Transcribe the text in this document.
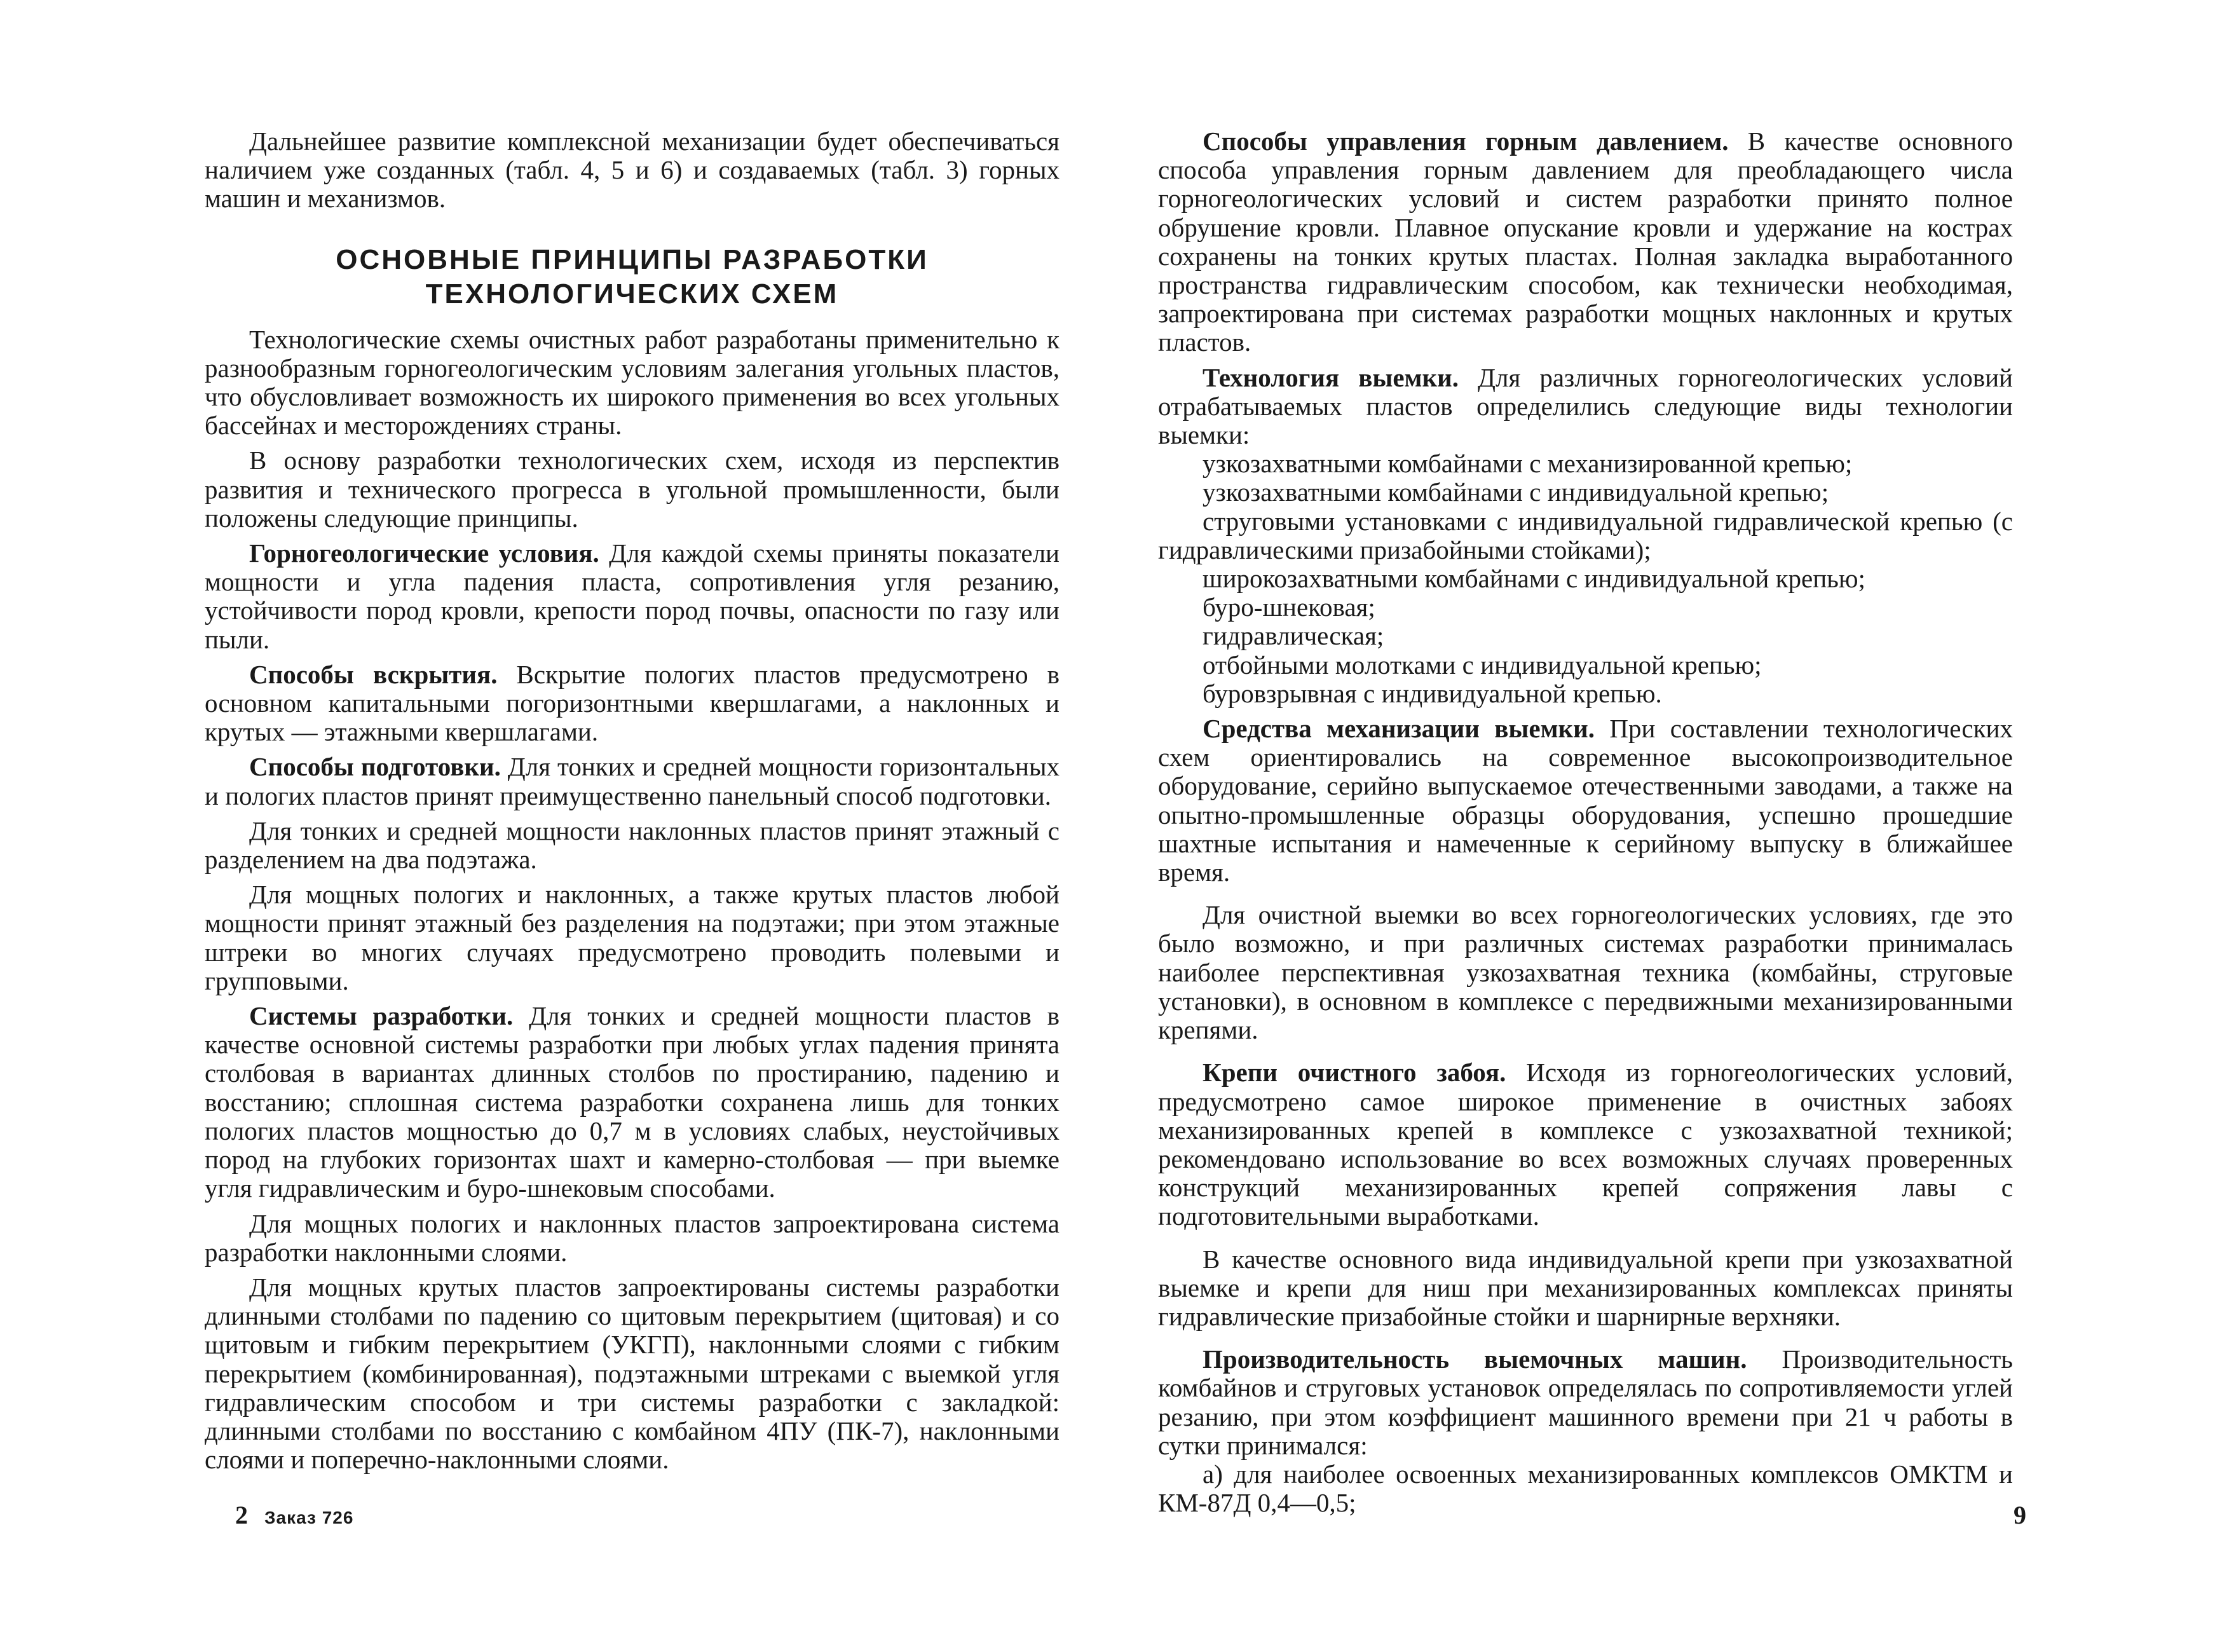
Дальнейшее развитие комплексной механизации будет обеспечиваться наличием уже созданных (табл. 4, 5 и 6) и создаваемых (табл. 3) горных машин и механизмов.

ОСНОВНЫЕ ПРИНЦИПЫ РАЗРАБОТКИ
ТЕХНОЛОГИЧЕСКИХ СХЕМ

Технологические схемы очистных работ разработаны применительно к разнообразным горногеологическим условиям залегания угольных пластов, что обусловливает возможность их широкого применения во всех угольных бассейнах и месторождениях страны.

В основу разработки технологических схем, исходя из перспектив развития и технического прогресса в угольной промышленности, были положены следующие принципы.

Горногеологические условия. Для каждой схемы приняты показатели мощности и угла падения пласта, сопротивления угля резанию, устойчивости пород кровли, крепости пород почвы, опасности по газу или пыли.

Способы вскрытия. Вскрытие пологих пластов предусмотрено в основном капитальными погоризонтными квершлагами, а наклонных и крутых — этажными квершлагами.

Способы подготовки. Для тонких и средней мощности горизонтальных и пологих пластов принят преимущественно панельный способ подготовки.

Для тонких и средней мощности наклонных пластов принят этажный с разделением на два подэтажа.

Для мощных пологих и наклонных, а также крутых пластов любой мощности принят этажный без разделения на подэтажи; при этом этажные штреки во многих случаях предусмотрено проводить полевыми и групповыми.

Системы разработки. Для тонких и средней мощности пластов в качестве основной системы разработки при любых углах падения принята столбовая в вариантах длинных столбов по простиранию, падению и восстанию; сплошная система разработки сохранена лишь для тонких пологих пластов мощностью до 0,7 м в условиях слабых, неустойчивых пород на глубоких горизонтах шахт и камерно-столбовая — при выемке угля гидравлическим и буро-шнековым способами.

Для мощных пологих и наклонных пластов запроектирована система разработки наклонными слоями.

Для мощных крутых пластов запроектированы системы разработки длинными столбами по падению со щитовым перекрытием (щитовая) и со щитовым и гибким перекрытием (УКГП), наклонными слоями с гибким перекрытием (комбинированная), подэтажными штреками с выемкой угля гидравлическим способом и три системы разработки с закладкой: длинными столбами по восстанию с комбайном 4ПУ (ПК-7), наклонными слоями и поперечно-наклонными слоями.

Способы управления горным давлением. В качестве основного способа управления горным давлением для преобладающего числа горногеологических условий и систем разработки принято полное обрушение кровли. Плавное опускание кровли и удержание на кострах сохранены на тонких крутых пластах. Полная закладка выработанного пространства гидравлическим способом, как технически необходимая, запроектирована при системах разработки мощных наклонных и крутых пластов.

Технология выемки. Для различных горногеологических условий отрабатываемых пластов определились следующие виды технологии выемки:

узкозахватными комбайнами с механизированной крепью;
узкозахватными комбайнами с индивидуальной крепью;
струговыми установками с индивидуальной гидравлической крепью (с гидравлическими призабойными стойками);
широкозахватными комбайнами с индивидуальной крепью;
буро-шнековая;
гидравлическая;
отбойными молотками с индивидуальной крепью;
буровзрывная с индивидуальной крепью.

Средства механизации выемки. При составлении технологических схем ориентировались на современное высокопроизводительное оборудование, серийно выпускаемое отечественными заводами, а также на опытно-промышленные образцы оборудования, успешно прошедшие шахтные испытания и намеченные к серийному выпуску в ближайшее время.

Для очистной выемки во всех горногеологических условиях, где это было возможно, и при различных системах разработки принималась наиболее перспективная узкозахватная техника (комбайны, струговые установки), в основном в комплексе с передвижными механизированными крепями.

Крепи очистного забоя. Исходя из горногеологических условий, предусмотрено самое широкое применение в очистных забоях механизированных крепей в комплексе с узкозахватной техникой; рекомендовано использование во всех возможных случаях проверенных конструкций механизированных крепей сопряжения лавы с подготовительными выработками.

В качестве основного вида индивидуальной крепи при узкозахватной выемке и крепи для ниш при механизированных комплексах приняты гидравлические призабойные стойки и шарнирные верхняки.

Производительность выемочных машин. Производительность комбайнов и струговых установок определялась по сопротивляемости углей резанию, при этом коэффициент машинного времени при 21 ч работы в сутки принимался:

а) для наиболее освоенных механизированных комплексов ОМКТМ и КМ-87Д 0,4—0,5;

2 Заказ 726	9
